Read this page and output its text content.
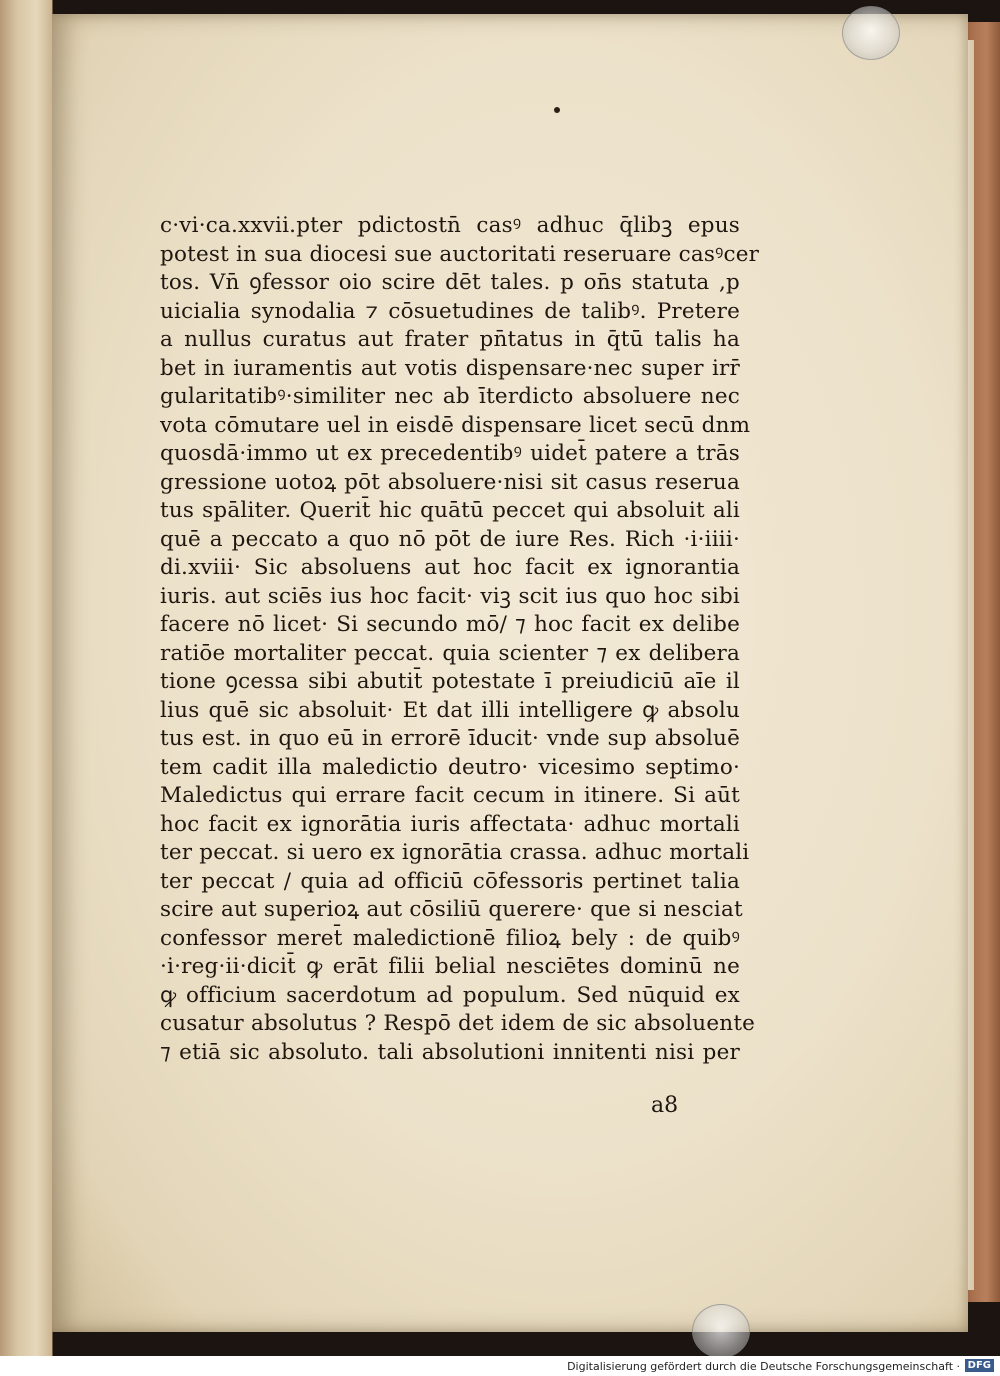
c·vi·ca.xxvii.pter pdictostn̄ casꝰ adhuc q̄libꝫ epus
potest in sua diocesi sue auctoritati reseruare casꝰcer
tos. Vn̄ ꝯfessor oio scire dēt tales. p on̄s statuta ,p
uicialia synodalia ⁊ cōsuetudines de talibꝰ. Pretere
a nullus curatus aut frater pn̄tatus in q̄tū talis ha
bet in iuramentis aut votis dispensare·nec super irr̄
gularitatibꝰ·similiter nec ab īterdicto absoluere nec
vota cōmutare uel in eisdē dispensare licet secū dnm
quosdā·immo ut ex precedentibꝰ uidet̄ patere a trās
gressione uotoꝝ pōt absoluere·nisi sit casus reserua
tus spāliter. Querit̄ hic quātū peccet qui absoluit ali
quē a peccato a quo nō pōt de iure Res. Rich ·i·iiii·
di.xviii· Sic absoluens aut hoc facit ex ignorantia
iuris. aut sciēs ius hoc facit· viꝫ scit ius quo hoc sibi
facere nō licet· Si secundo mō/ ⁊ hoc facit ex delibe
ratiōe mortaliter peccat. quia scienter ⁊ ex delibera
tione ꝯcessa sibi abutit̄ potestate ī preiudiciū aīe il
lius quē sic absoluit· Et dat illi intelligere ꝙ absolu
tus est. in quo eū in errorē īducit· vnde sup absoluē
tem cadit illa maledictio deutro· vicesimo septimo·
Maledictus qui errare facit cecum in itinere. Si aūt
hoc facit ex ignorātia iuris affectata· adhuc mortali
ter peccat. si uero ex ignorātia crassa. adhuc mortali
ter peccat / quia ad officiū cōfessoris pertinet talia
scire aut superioꝝ aut cōsiliū querere· que si nesciat
confessor meret̄ maledictionē filioꝝ bely : de quibꝰ
·i·reg·ii·dicit̄ ꝙ erāt filii belial nesciētes dominū ne
ꝙ officium sacerdotum ad populum. Sed nūquid ex
cusatur absolutus ? Respō det idem de sic absoluente
⁊ etiā sic absoluto. tali absolutioni innitenti nisi per
a8
Digitalisierung gefördert durch die Deutsche Forschungsgemeinschaft · DFG
